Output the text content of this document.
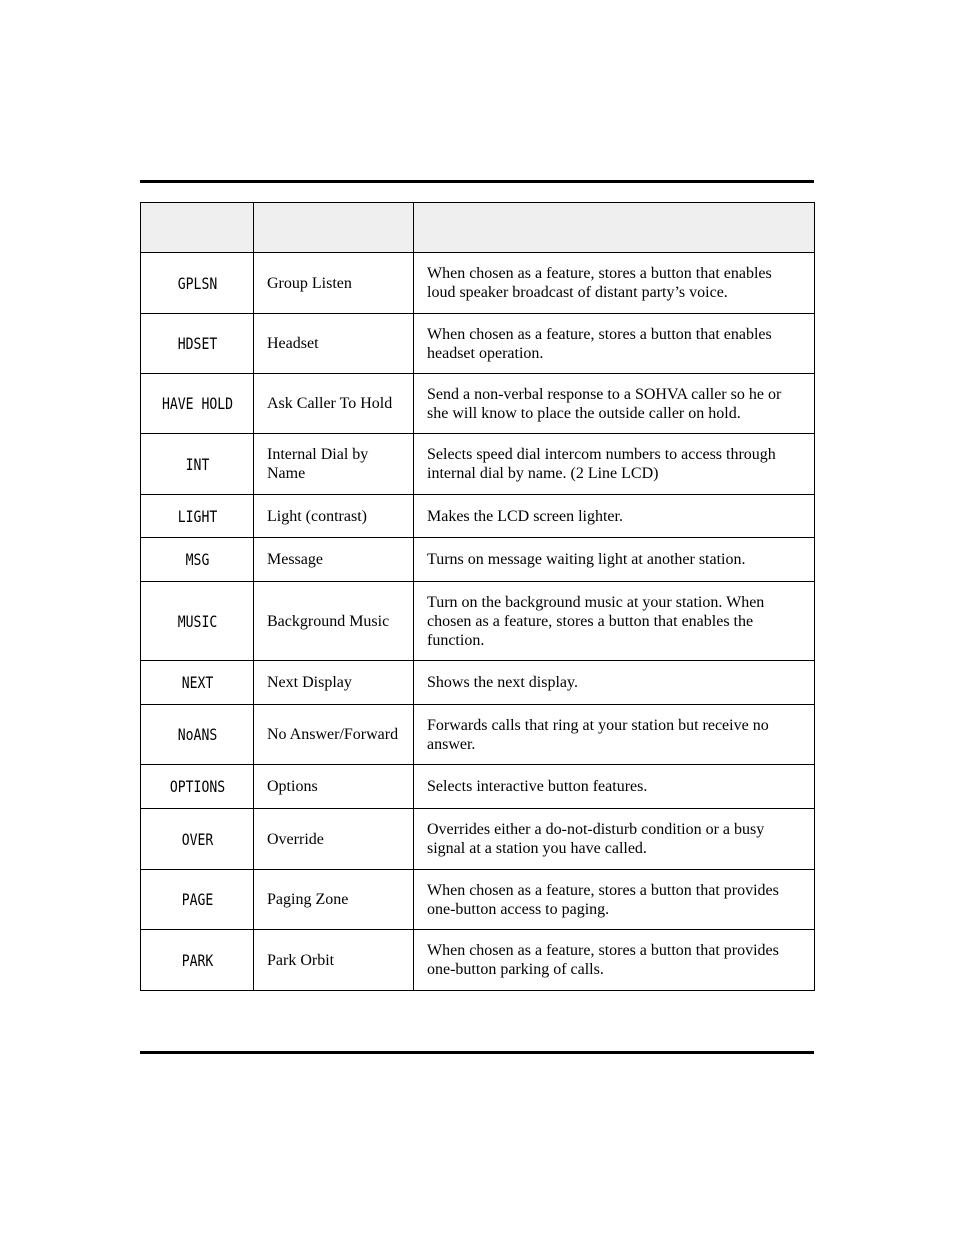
GPLSN	Group Listen	When chosen as a feature, stores a button that enables loud speaker broadcast of distant party’s voice.
HDSET	Headset	When chosen as a feature, stores a button that enables headset operation.
HAVE HOLD	Ask Caller To Hold	Send a non-verbal response to a SOHVA caller so he or she will know to place the outside caller on hold.
INT	Internal Dial by Name	Selects speed dial intercom numbers to access through internal dial by name. (2 Line LCD)
LIGHT	Light (contrast)	Makes the LCD screen lighter.
MSG	Message	Turns on message waiting light at another station.
MUSIC	Background Music	Turn on the background music at your station. When chosen as a feature, stores a button that enables the function.
NEXT	Next Display	Shows the next display.
NoANS	No Answer/Forward	Forwards calls that ring at your station but receive no answer.
OPTIONS	Options	Selects interactive button features.
OVER	Override	Overrides either a do-not-disturb condition or a busy signal at a station you have called.
PAGE	Paging Zone	When chosen as a feature, stores a button that provides one-button access to paging.
PARK	Park Orbit	When chosen as a feature, stores a button that provides one-button parking of calls.
